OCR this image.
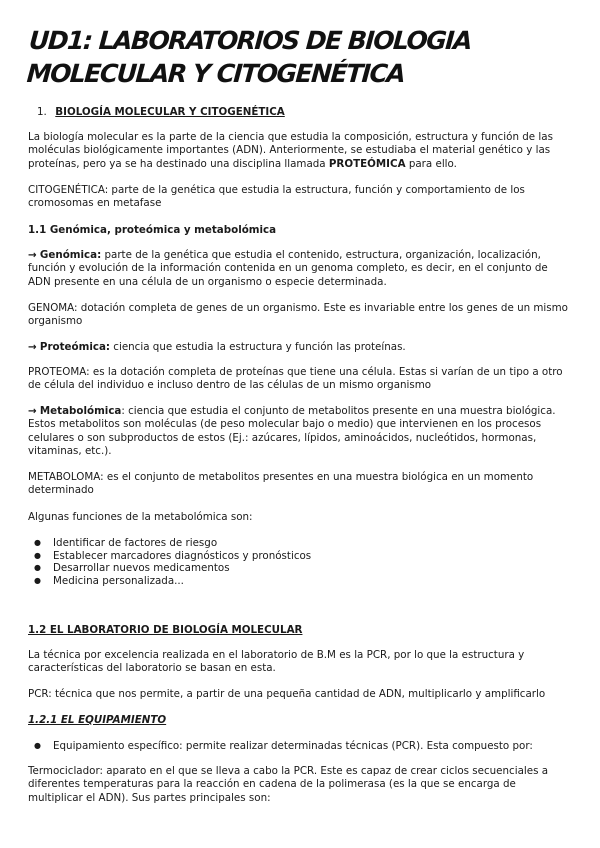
UD1: LABORATORIOS DE BIOLOGIA MOLECULAR Y CITOGENÉTICA
1. BIOLOGÍA MOLECULAR Y CITOGENÉTICA
La biología molecular es la parte de la ciencia que estudia la composición, estructura y función de las moléculas biológicamente importantes (ADN). Anteriormente, se estudiaba el material genético y las proteínas, pero ya se ha destinado una disciplina llamada PROTEÓMICA para ello.
CITOGENÉTICA: parte de la genética que estudia la estructura, función y comportamiento de los cromosomas en metafase
1.1 Genómica, proteómica y metabolómica
→ Genómica: parte de la genética que estudia el contenido, estructura, organización, localización, función y evolución de la información contenida en un genoma completo, es decir, en el conjunto de ADN presente en una célula de un organismo o especie determinada.
GENOMA: dotación completa de genes de un organismo. Este es invariable entre los genes de un mismo organismo
→ Proteómica: ciencia que estudia la estructura y función las proteínas.
PROTEOMA: es la dotación completa de proteínas que tiene una célula. Estas si varían de un tipo a otro de célula del individuo e incluso dentro de las células de un mismo organismo
→ Metabolómica: ciencia que estudia el conjunto de metabolitos presente en una muestra biológica. Estos metabolitos son moléculas (de peso molecular bajo o medio) que intervienen en los procesos celulares o son subproductos de estos (Ej.: azúcares, lípidos, aminoácidos, nucleótidos, hormonas, vitaminas, etc.).
METABOLOMA: es el conjunto de metabolitos presentes en una muestra biológica en un momento determinado
Algunas funciones de la metabolómica son:
● Identificar de factores de riesgo
● Establecer marcadores diagnósticos y pronósticos
● Desarrollar nuevos medicamentos
● Medicina personalizada...
1.2 EL LABORATORIO DE BIOLOGÍA MOLECULAR
La técnica por excelencia realizada en el laboratorio de B.M es la PCR, por lo que la estructura y características del laboratorio se basan en esta.
PCR: técnica que nos permite, a partir de una pequeña cantidad de ADN, multiplicarlo y amplificarlo
1.2.1 EL EQUIPAMIENTO
● Equipamiento específico: permite realizar determinadas técnicas (PCR). Esta compuesto por:
Termociclador: aparato en el que se lleva a cabo la PCR. Este es capaz de crear ciclos secuenciales a diferentes temperaturas para la reacción en cadena de la polimerasa (es la que se encarga de multiplicar el ADN). Sus partes principales son:
